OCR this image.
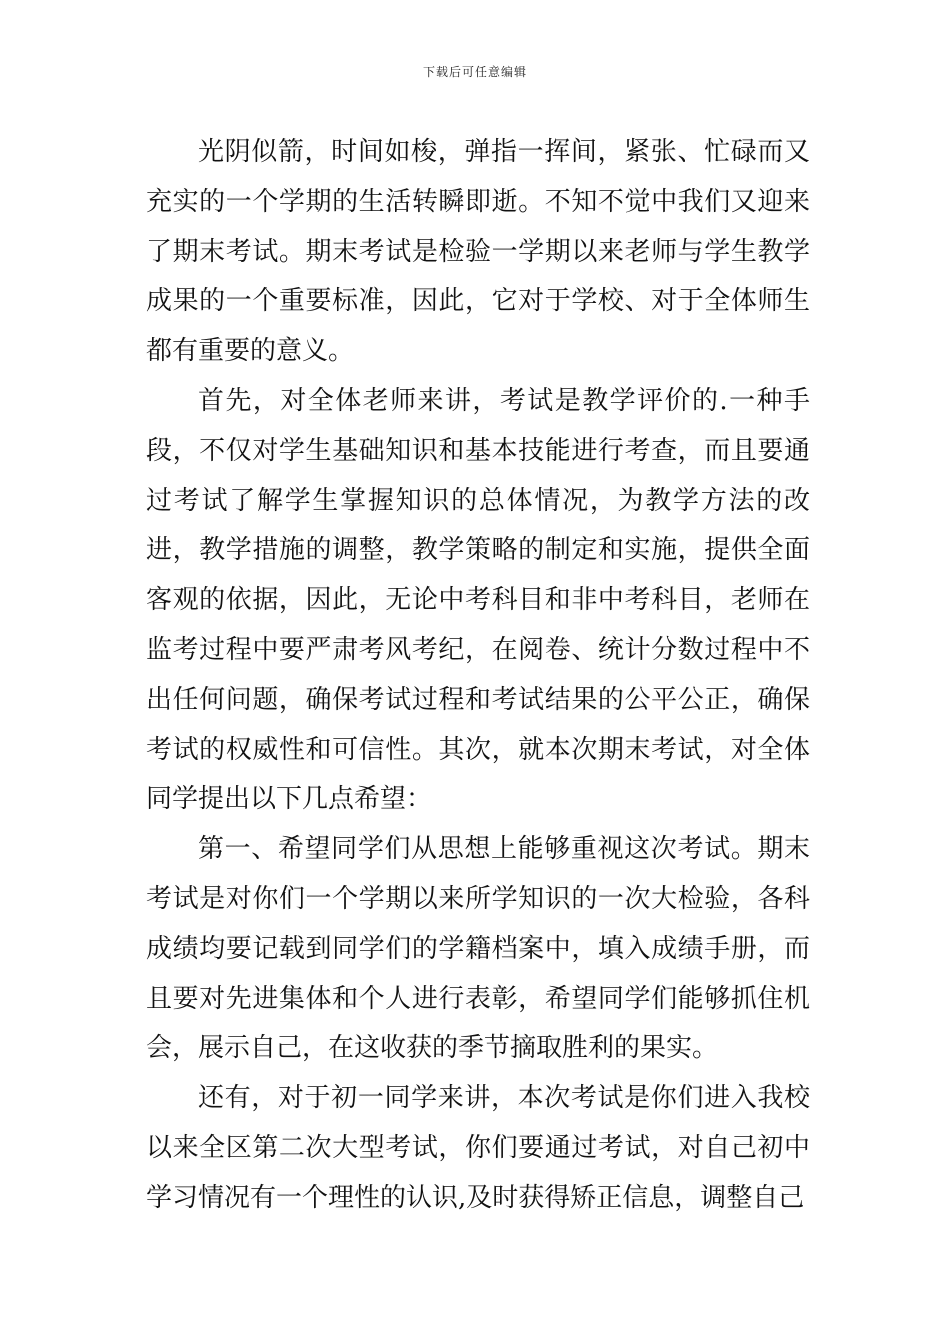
下载后可任意编辑

光阴似箭，时间如梭，弹指一挥间，紧张、忙碌而又充实的一个学期的生活转瞬即逝。不知不觉中我们又迎来了期末考试。期末考试是检验一学期以来老师与学生教学成果的一个重要标准，因此，它对于学校、对于全体师生都有重要的意义。

首先，对全体老师来讲，考试是教学评价的.一种手段，不仅对学生基础知识和基本技能进行考查，而且要通过考试了解学生掌握知识的总体情况，为教学方法的改进，教学措施的调整，教学策略的制定和实施，提供全面客观的依据，因此，无论中考科目和非中考科目，老师在监考过程中要严肃考风考纪，在阅卷、统计分数过程中不出任何问题，确保考试过程和考试结果的公平公正，确保考试的权威性和可信性。其次，就本次期末考试，对全体同学提出以下几点希望：

第一、希望同学们从思想上能够重视这次考试。期末考试是对你们一个学期以来所学知识的一次大检验，各科成绩均要记载到同学们的学籍档案中，填入成绩手册，而且要对先进集体和个人进行表彰，希望同学们能够抓住机会，展示自己，在这收获的季节摘取胜利的果实。

还有，对于初一同学来讲，本次考试是你们进入我校以来全区第二次大型考试，你们要通过考试，对自己初中学习情况有一个理性的认识,及时获得矫正信息，调整自己
